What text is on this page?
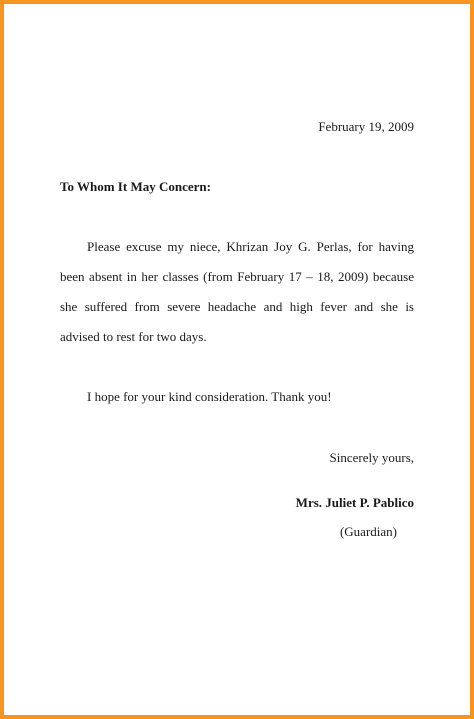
February 19, 2009
To Whom It May Concern:

Please excuse my niece, Khrizan Joy G. Perlas, for having been absent in her classes (from February 17 – 18, 2009) because she suffered from severe headache and high fever and she is advised to rest for two days.

I hope for your kind consideration. Thank you!
Sincerely yours,
Mrs. Juliet P. Pablico
(Guardian)
